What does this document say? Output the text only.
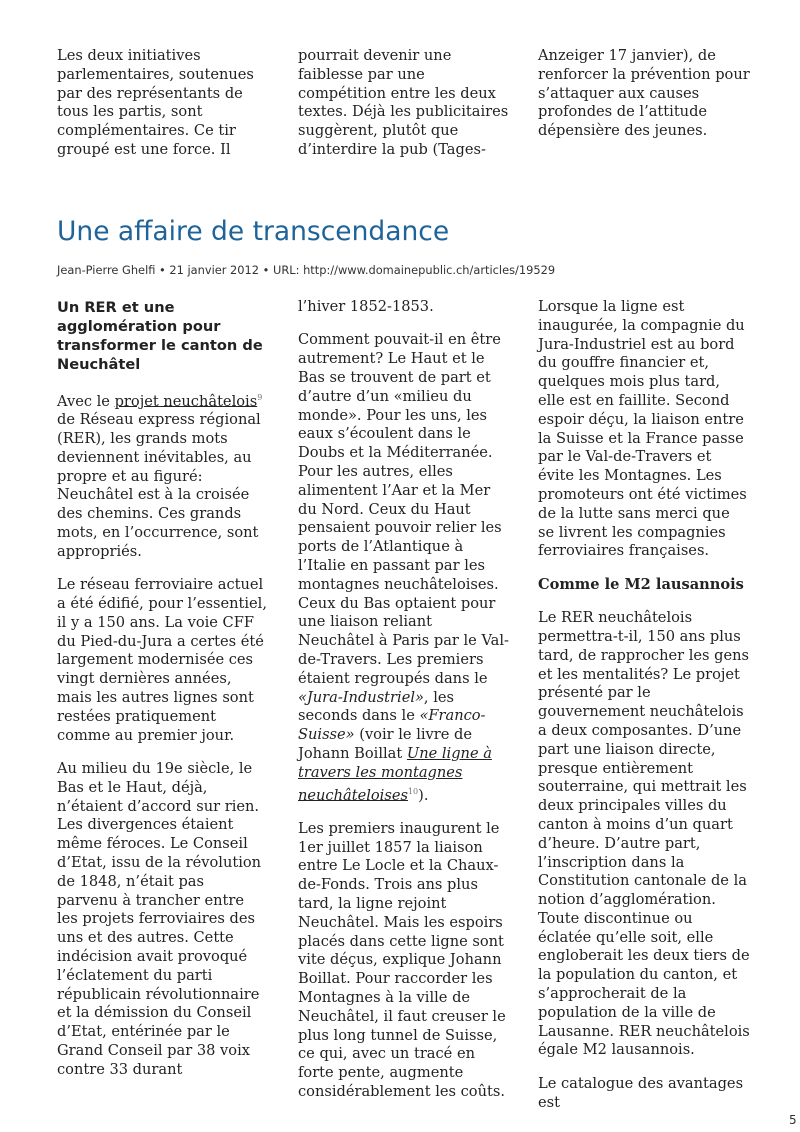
Les deux initiatives parlementaires, soutenues par des représentants de tous les partis, sont complémentaires. Ce tir groupé est une force. Il

pourrait devenir une faiblesse par une compétition entre les deux textes. Déjà les publicitaires suggèrent, plutôt que d’interdire la pub (Tages-

Anzeiger 17 janvier), de renforcer la prévention pour s’attaquer aux causes profondes de l’attitude dépensière des jeunes.

Une affaire de transcendance

Jean-Pierre Ghelfi • 21 janvier 2012 • URL: http://www.domainepublic.ch/articles/19529

Un RER et une agglomération pour transformer le canton de Neuchâtel

Avec le projet neuchâtelois$^9$ de Réseau express régional (RER), les grands mots deviennent inévitables, au propre et au figuré: Neuchâtel est à la croisée des chemins. Ces grands mots, en l’occurrence, sont appropriés.

Le réseau ferroviaire actuel a été édifié, pour l’essentiel, il y a 150 ans. La voie CFF du Pied-du-Jura a certes été largement modernisée ces vingt dernières années, mais les autres lignes sont restées pratiquement comme au premier jour.

Au milieu du 19e siècle, le Bas et le Haut, déjà, n’étaient d’accord sur rien. Les divergences étaient même féroces. Le Conseil d’Etat, issu de la révolution de 1848, n’était pas parvenu à trancher entre les projets ferroviaires des uns et des autres. Cette indécision avait provoqué l’éclatement du parti républicain révolutionnaire et la démission du Conseil d’Etat, entérinée par le Grand Conseil par 38 voix contre 33 durant

l’hiver 1852-1853.

Comment pouvait-il en être autrement? Le Haut et le Bas se trouvent de part et d’autre d’un «milieu du monde». Pour les uns, les eaux s’écoulent dans le Doubs et la Méditerranée. Pour les autres, elles alimentent l’Aar et la Mer du Nord. Ceux du Haut pensaient pouvoir relier les ports de l’Atlantique à l’Italie en passant par les montagnes neuchâteloises. Ceux du Bas optaient pour une liaison reliant Neuchâtel à Paris par le Val-de-Travers. Les premiers étaient regroupés dans le «Jura-Industriel», les seconds dans le «Franco-Suisse» (voir le livre de Johann Boillat Une ligne à travers les montagnes neuchâteloises$^{10}$).

Les premiers inaugurent le 1er juillet 1857 la liaison entre Le Locle et la Chaux-de-Fonds. Trois ans plus tard, la ligne rejoint Neuchâtel. Mais les espoirs placés dans cette ligne sont vite déçus, explique Johann Boillat. Pour raccorder les Montagnes à la ville de Neuchâtel, il faut creuser le plus long tunnel de Suisse, ce qui, avec un tracé en forte pente, augmente considérablement les coûts.

Lorsque la ligne est inaugurée, la compagnie du Jura-Industriel est au bord du gouffre financier et, quelques mois plus tard, elle est en faillite. Second espoir déçu, la liaison entre la Suisse et la France passe par le Val-de-Travers et évite les Montagnes. Les promoteurs ont été victimes de la lutte sans merci que se livrent les compagnies ferroviaires françaises.

Comme le M2 lausannois

Le RER neuchâtelois permettra-t-il, 150 ans plus tard, de rapprocher les gens et les mentalités? Le projet présenté par le gouvernement neuchâtelois a deux composantes. D’une part une liaison directe, presque entièrement souterraine, qui mettrait les deux principales villes du canton à moins d’un quart d’heure. D’autre part, l’inscription dans la Constitution cantonale de la notion d’agglomération. Toute discontinue ou éclatée qu’elle soit, elle engloberait les deux tiers de la population du canton, et s’approcherait de la population de la ville de Lausanne. RER neuchâtelois égale M2 lausannois.

Le catalogue des avantages est

5
